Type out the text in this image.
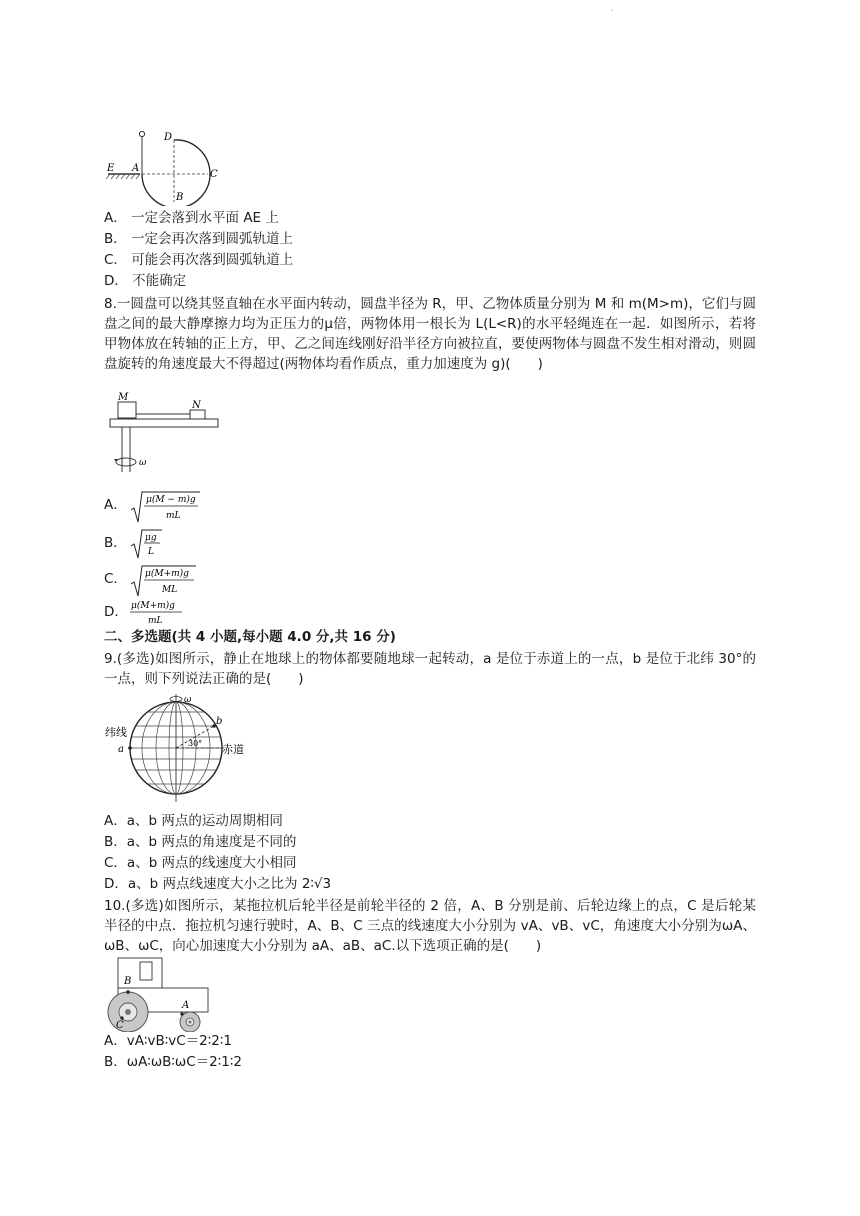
·
D
E A
C
B
A． 一定会落到水平面 AE 上
B． 一定会再次落到圆弧轨道上
C． 可能会再次落到圆弧轨道上
D． 不能确定
8.一圆盘可以绕其竖直轴在水平面内转动，圆盘半径为 R，甲、乙物体质量分别为 M 和 m(M>m)，它们与圆盘之间的最大静摩擦力均为正压力的μ倍，两物体用一根长为 L(L<R)的水平轻绳连在一起．如图所示，若将甲物体放在转轴的正上方，甲、乙之间连线刚好沿半径方向被拉直，要使两物体与圆盘不发生相对滑动，则圆盘旋转的角速度最大不得超过(两物体均看作质点，重力加速度为 g)(　　)
M
N
ω
A． μ(M − m)g
mL
B． μg
L
C． μ(M+m)g
ML
D． μ(M+m)g
mL
二、多选题(共 4 小题,每小题 4.0 分,共 16 分)
9.(多选)如图所示，静止在地球上的物体都要随地球一起转动，a 是位于赤道上的一点，b 是位于北纬 30°的一点，则下列说法正确的是(　　)
纬线
a
b
30° 赤道
ω
A．a、b 两点的运动周期相同
B．a、b 两点的角速度是不同的
C．a、b 两点的线速度大小相同
D．a、b 两点线速度大小之比为 2∶√3
10.(多选)如图所示，某拖拉机后轮半径是前轮半径的 2 倍，A、B 分别是前、后轮边缘上的点，C 是后轮某半径的中点．拖拉机匀速行驶时，A、B、C 三点的线速度大小分别为 vA、vB、vC，角速度大小分别为ωA、ωB、ωC，向心加速度大小分别为 aA、aB、aC.以下选项正确的是(　　)
B
C
A
A．vA∶vB∶vC＝2∶2∶1
B．ωA∶ωB∶ωC＝2∶1∶2
